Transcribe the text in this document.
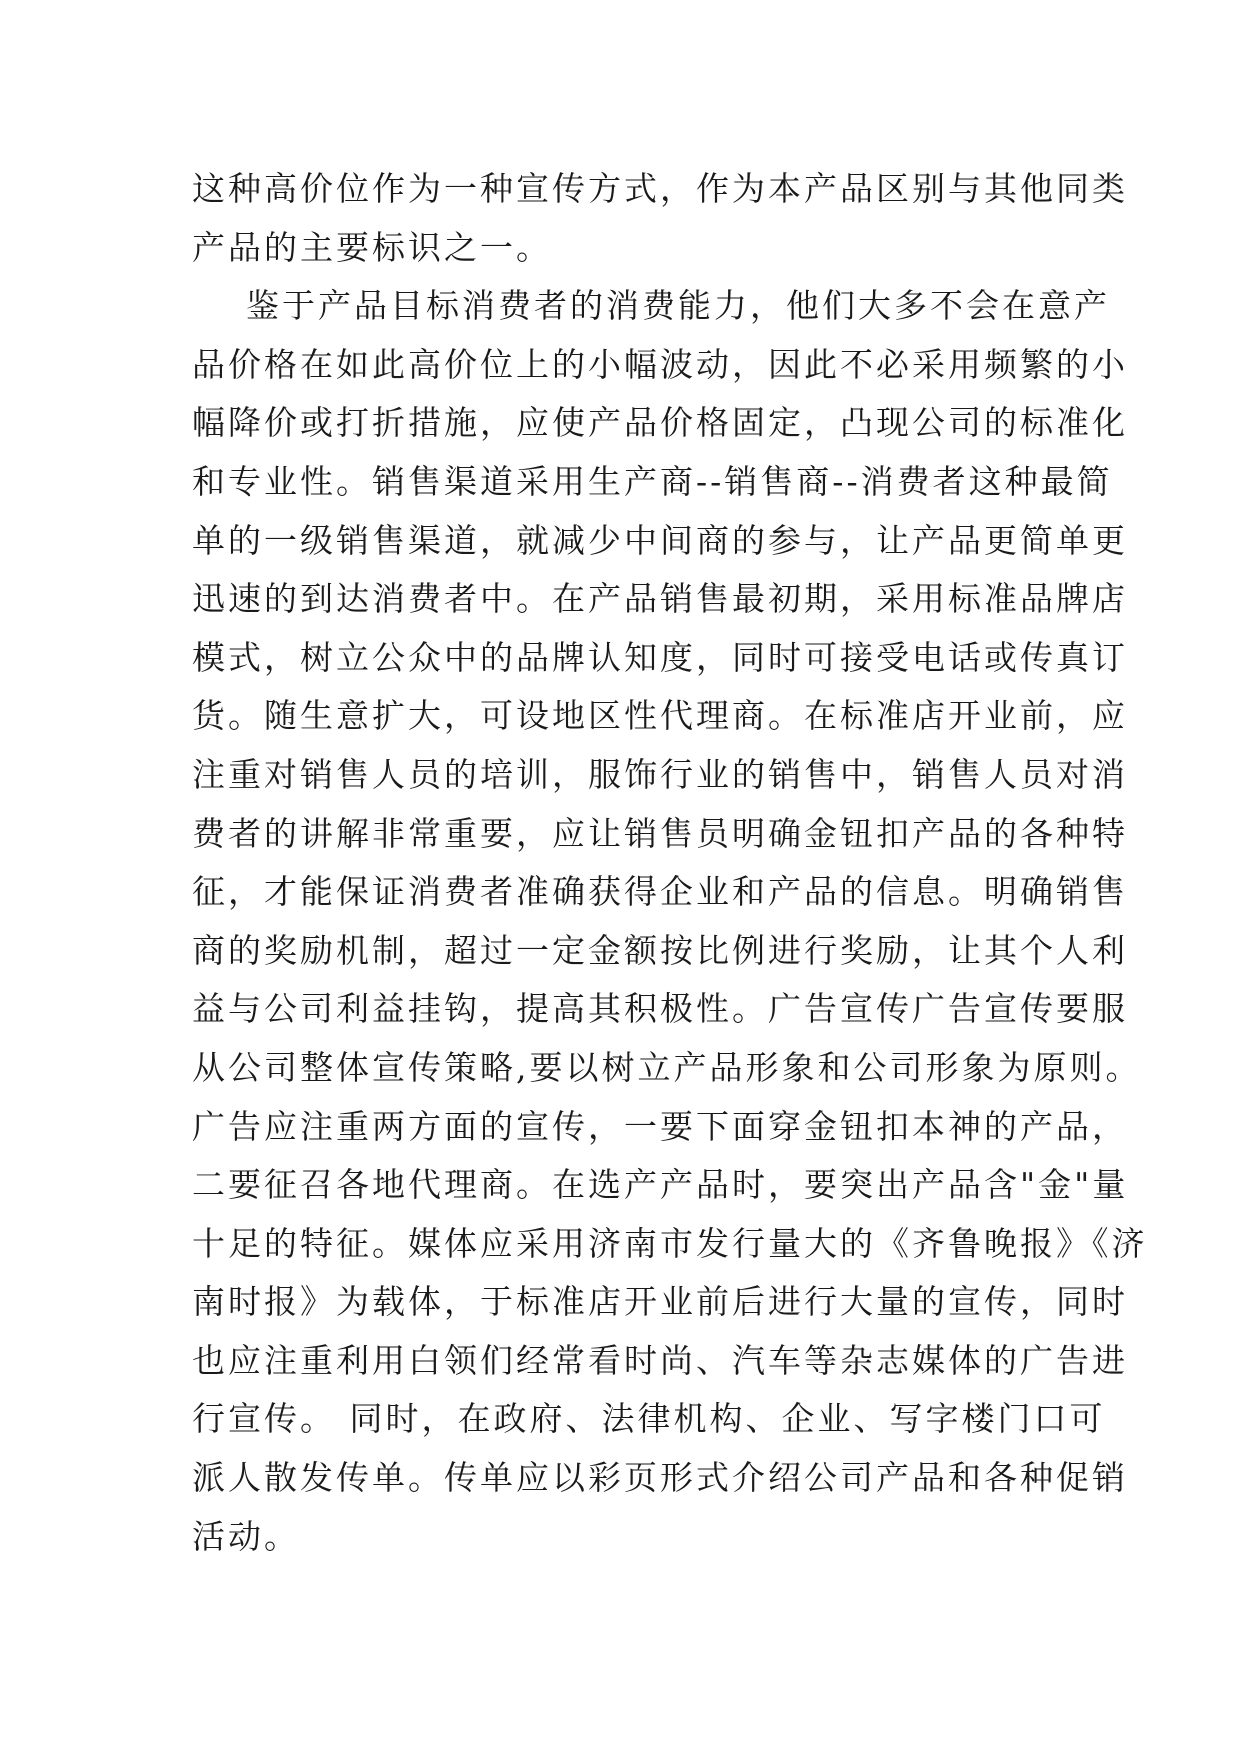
这种高价位作为一种宣传方式，作为本产品区别与其他同类
产品的主要标识之一。
鉴于产品目标消费者的消费能力，他们大多不会在意产
品价格在如此高价位上的小幅波动，因此不必采用频繁的小
幅降价或打折措施，应使产品价格固定，凸现公司的标准化
和专业性。销售渠道采用生产商--销售商--消费者这种最简
单的一级销售渠道，就减少中间商的参与，让产品更简单更
迅速的到达消费者中。在产品销售最初期，采用标准品牌店
模式，树立公众中的品牌认知度，同时可接受电话或传真订
货。随生意扩大，可设地区性代理商。在标准店开业前，应
注重对销售人员的培训，服饰行业的销售中，销售人员对消
费者的讲解非常重要，应让销售员明确金钮扣产品的各种特
征，才能保证消费者准确获得企业和产品的信息。明确销售
商的奖励机制，超过一定金额按比例进行奖励，让其个人利
益与公司利益挂钩，提高其积极性。广告宣传广告宣传要服
从公司整体宣传策略,要以树立产品形象和公司形象为原则。
广告应注重两方面的宣传，一要下面穿金钮扣本神的产品，
二要征召各地代理商。在选产产品时，要突出产品含"金"量
十足的特征。媒体应采用济南市发行量大的《齐鲁晚报》《济
南时报》为载体，于标准店开业前后进行大量的宣传，同时
也应注重利用白领们经常看时尚、汽车等杂志媒体的广告进
行宣传。 同时，在政府、法律机构、企业、写字楼门口可
派人散发传单。传单应以彩页形式介绍公司产品和各种促销
活动。
